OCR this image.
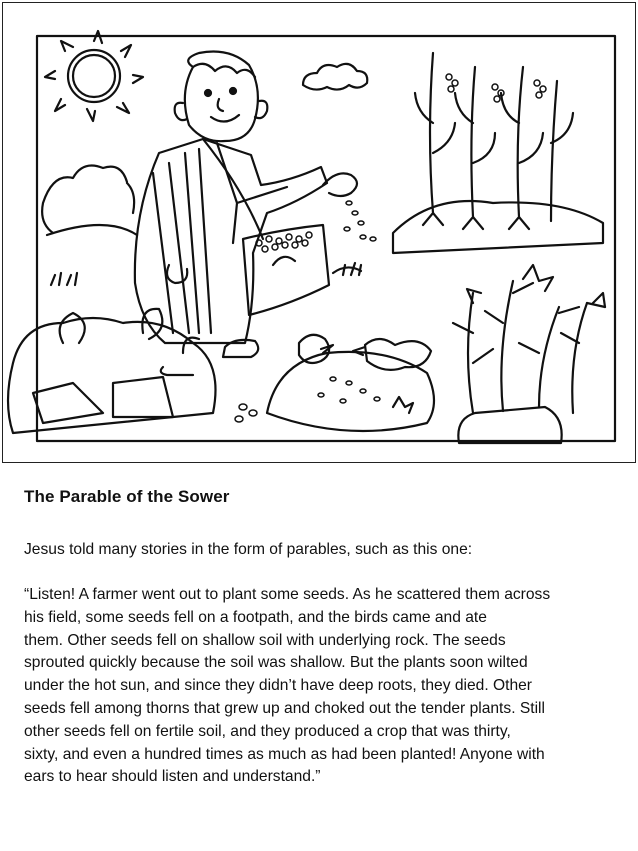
The Parable of the Sower

Jesus told many stories in the form of parables, such as this one:

“Listen! A farmer went out to plant some seeds. As he scattered them across

his field, some seeds fell on a footpath, and the birds came and ate

them. Other seeds fell on shallow soil with underlying rock. The seeds

sprouted quickly because the soil was shallow. But the plants soon wilted

under the hot sun, and since they didn’t have deep roots, they died. Other

seeds fell among thorns that grew up and choked out the tender plants. Still

other seeds fell on fertile soil, and they produced a crop that was thirty,

sixty, and even a hundred times as much as had been planted! Anyone with

ears to hear should listen and understand.”
